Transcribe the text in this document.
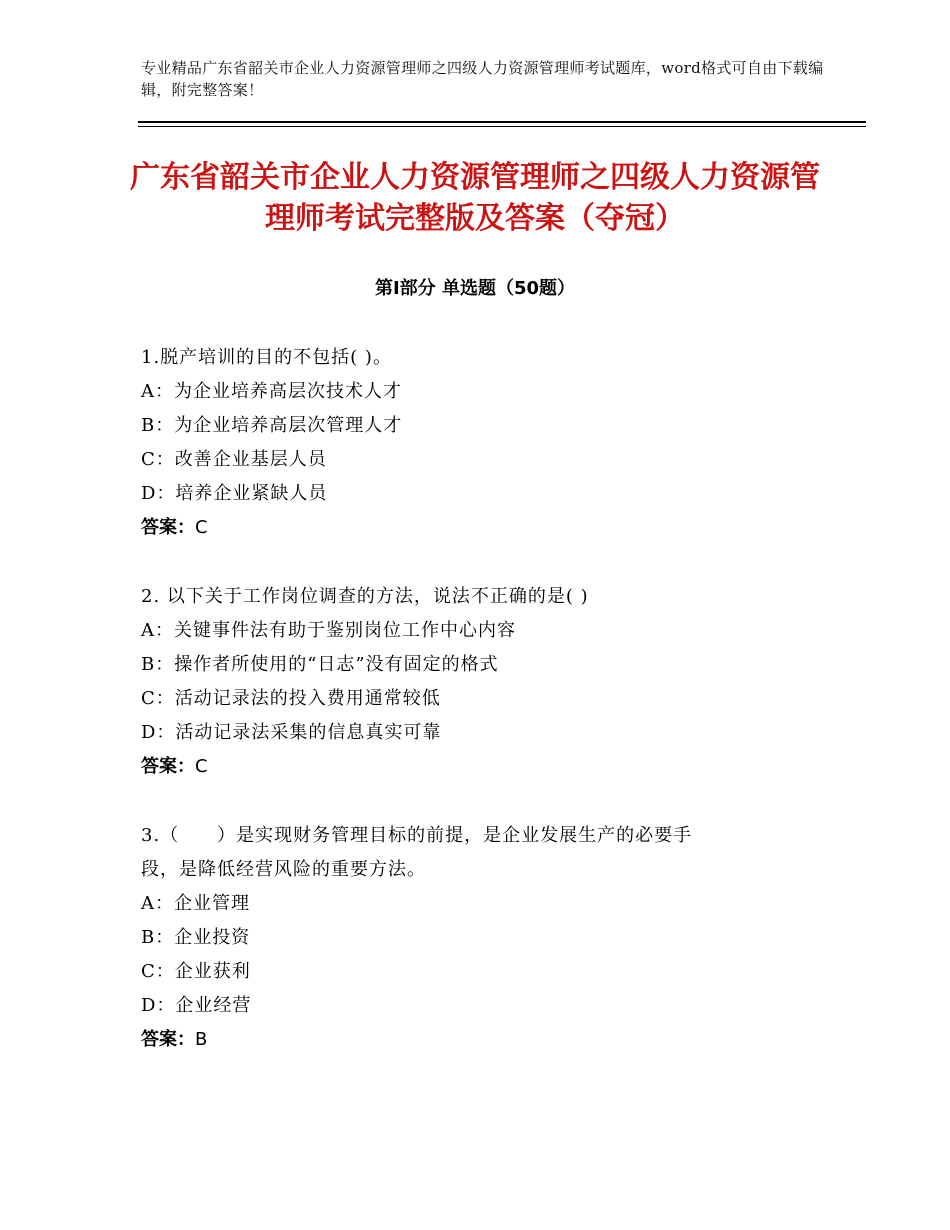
专业精品广东省韶关市企业人力资源管理师之四级人力资源管理师考试题库，word格式可自由下载编辑，附完整答案！
广东省韶关市企业人力资源管理师之四级人力资源管理师考试完整版及答案（夺冠）
第Ⅰ部分 单选题（50题）
1.脱产培训的目的不包括( )。
A：为企业培养高层次技术人才
B：为企业培养高层次管理人才
C：改善企业基层人员
D：培养企业紧缺人员
答案：C
2. 以下关于工作岗位调查的方法，说法不正确的是( )
A：关键事件法有助于鉴别岗位工作中心内容
B：操作者所使用的“日志”没有固定的格式
C：活动记录法的投入费用通常较低
D：活动记录法采集的信息真实可靠
答案：C
3.（　　）是实现财务管理目标的前提，是企业发展生产的必要手
段，是降低经营风险的重要方法。
A：企业管理
B：企业投资
C：企业获利
D：企业经营
答案：B
